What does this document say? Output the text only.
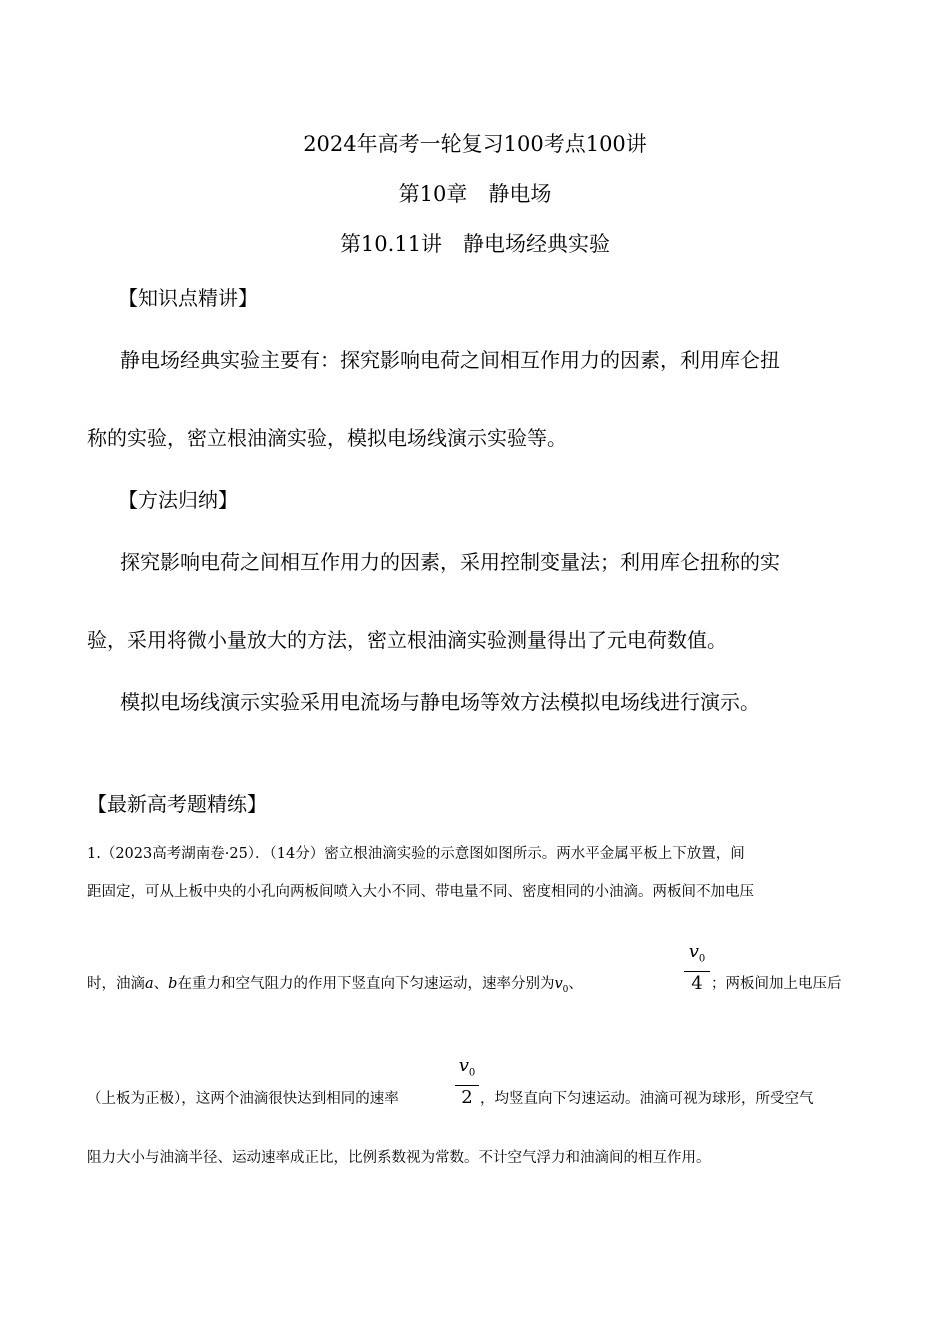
2024年高考一轮复习100考点100讲
第10章　静电场
第10.11讲　静电场经典实验
【知识点精讲】
静电场经典实验主要有：探究影响电荷之间相互作用力的因素，利用库仑扭
称的实验，密立根油滴实验，模拟电场线演示实验等。
【方法归纳】
探究影响电荷之间相互作用力的因素，采用控制变量法；利用库仑扭称的实
验，采用将微小量放大的方法，密立根油滴实验测量得出了元电荷数值。
模拟电场线演示实验采用电流场与静电场等效方法模拟电场线进行演示。
【最新高考题精练】
1.（2023高考湖南卷·25）．（14分）密立根油滴实验的示意图如图所示。两水平金属平板上下放置，间
距固定，可从上板中央的小孔向两板间喷入大小不同、带电量不同、密度相同的小油滴。两板间不加电压
时，油滴a、b在重力和空气阻力的作用下竖直向下匀速运动，速率分别为$v_0$、
$v_0$
4 ；两板间加上电压后
（上板为正极），这两个油滴很快达到相同的速率
$v_0$
2 ，均竖直向下匀速运动。油滴可视为球形，所受空气
阻力大小与油滴半径、运动速率成正比，比例系数视为常数。不计空气浮力和油滴间的相互作用。
